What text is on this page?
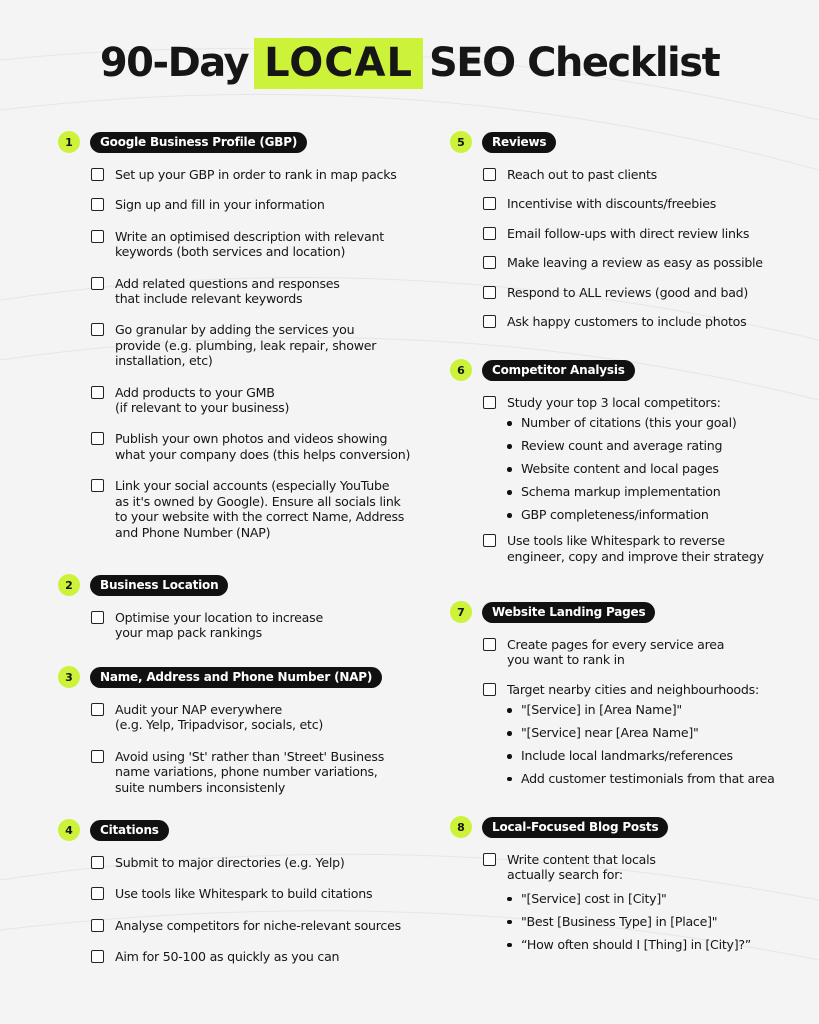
90-Day LOCAL SEO Checklist
1	Google Business Profile (GBP)
Set up your GBP in order to rank in map packs
Sign up and fill in your information
Write an optimised description with relevant
keywords (both services and location)
Add related questions and responses
that include relevant keywords
Go granular by adding the services you
provide (e.g. plumbing, leak repair, shower
installation, etc)
Add products to your GMB
(if relevant to your business)
Publish your own photos and videos showing
what your company does (this helps conversion)
Link your social accounts (especially YouTube
as it's owned by Google). Ensure all socials link
to your website with the correct Name, Address
and Phone Number (NAP)
2	Business Location
Optimise your location to increase
your map pack rankings
3	Name, Address and Phone Number (NAP)
Audit your NAP everywhere
(e.g. Yelp, Tripadvisor, socials, etc)
Avoid using 'St' rather than 'Street' Business
name variations, phone number variations,
suite numbers inconsistenly
4	Citations
Submit to major directories (e.g. Yelp)
Use tools like Whitespark to build citations
Analyse competitors for niche-relevant sources
Aim for 50-100 as quickly as you can
5	Reviews
Reach out to past clients
Incentivise with discounts/freebies
Email follow-ups with direct review links
Make leaving a review as easy as possible
Respond to ALL reviews (good and bad)
Ask happy customers to include photos
6	Competitor Analysis
Study your top 3 local competitors:
Number of citations (this your goal)
Review count and average rating
Website content and local pages
Schema markup implementation
GBP completeness/information
Use tools like Whitespark to reverse
engineer, copy and improve their strategy
7	Website Landing Pages
Create pages for every service area
you want to rank in
Target nearby cities and neighbourhoods:
"[Service] in [Area Name]"
"[Service] near [Area Name]"
Include local landmarks/references
Add customer testimonials from that area
8	Local-Focused Blog Posts
Write content that locals
actually search for:
"[Service] cost in [City]"
"Best [Business Type] in [Place]"
“How often should I [Thing] in [City]?”
